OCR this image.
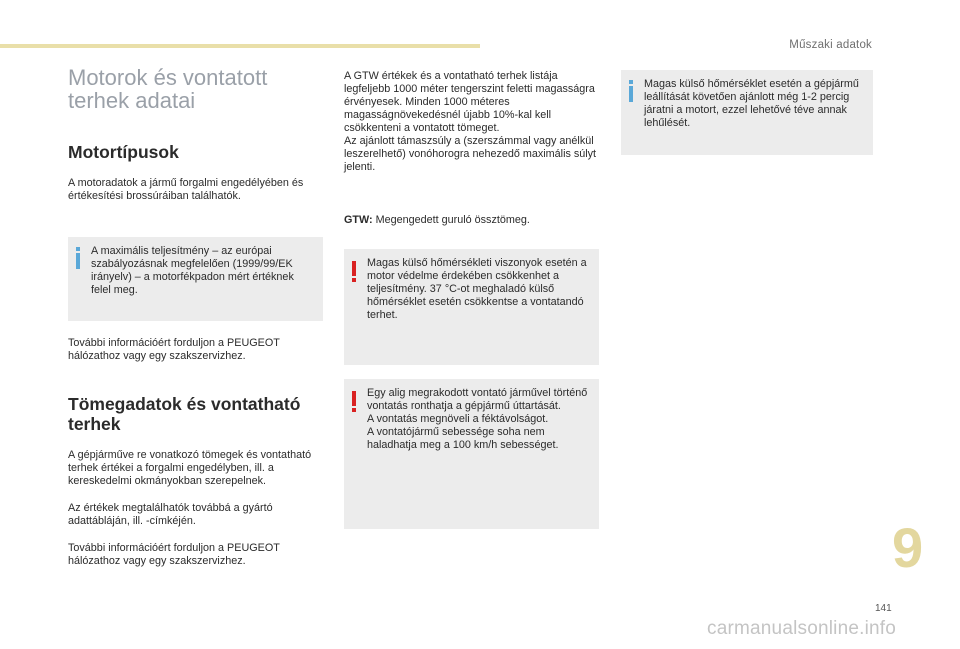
Műszaki adatok
Motorok és vontatott
terhek adatai
Motortípusok

A motoradatok a jármű forgalmi engedélyében és értékesítési brossúráiban találhatók.

A maximális teljesítmény – az európai szabályozásnak megfelelően (1999/99/EK irányelv) – a motorfékpadon mért értéknek felel meg.

További információért forduljon a PEUGEOT hálózathoz vagy egy szakszervizhez.

Tömegadatok és vontatható
terhek

A gépjárműve re vonatkozó tömegek és vontatható terhek értékei a forgalmi engedélyben, ill. a kereskedelmi okmányokban szerepelnek.

Az értékek megtalálhatók továbbá a gyártó adattábláján, ill. -címkéjén.

További információért forduljon a PEUGEOT hálózathoz vagy egy szakszervizhez.

A GTW értékek és a vontatható terhek listája legfeljebb 1000 méter tengerszint feletti magasságra érvényesek. Minden 1000 méteres magasságnövekedésnél újabb 10%-kal kell csökkenteni a vontatott tömeget.

Az ajánlott támaszsúly a (szerszámmal vagy anélkül leszerelhető) vonóhorogra nehezedő maximális súlyt jelenti.

GTW: Megengedett guruló össztömeg.

Magas külső hőmérsékleti viszonyok esetén a motor védelme érdekében csökkenhet a teljesítmény. 37 °C-ot meghaladó külső hőmérséklet esetén csökkentse a vontatandó terhet.

Egy alig megrakodott vontató járművel történő vontatás ronthatja a gépjármű úttartását.
A vontatás megnöveli a féktávolságot.
A vontatójármű sebessége soha nem haladhatja meg a 100 km/h sebességet.

Magas külső hőmérséklet esetén a gépjármű leállítását követően ajánlott még 1-2 percig járatni a motort, ezzel lehetővé téve annak lehűlését.

9
141
carmanualsonline.info
